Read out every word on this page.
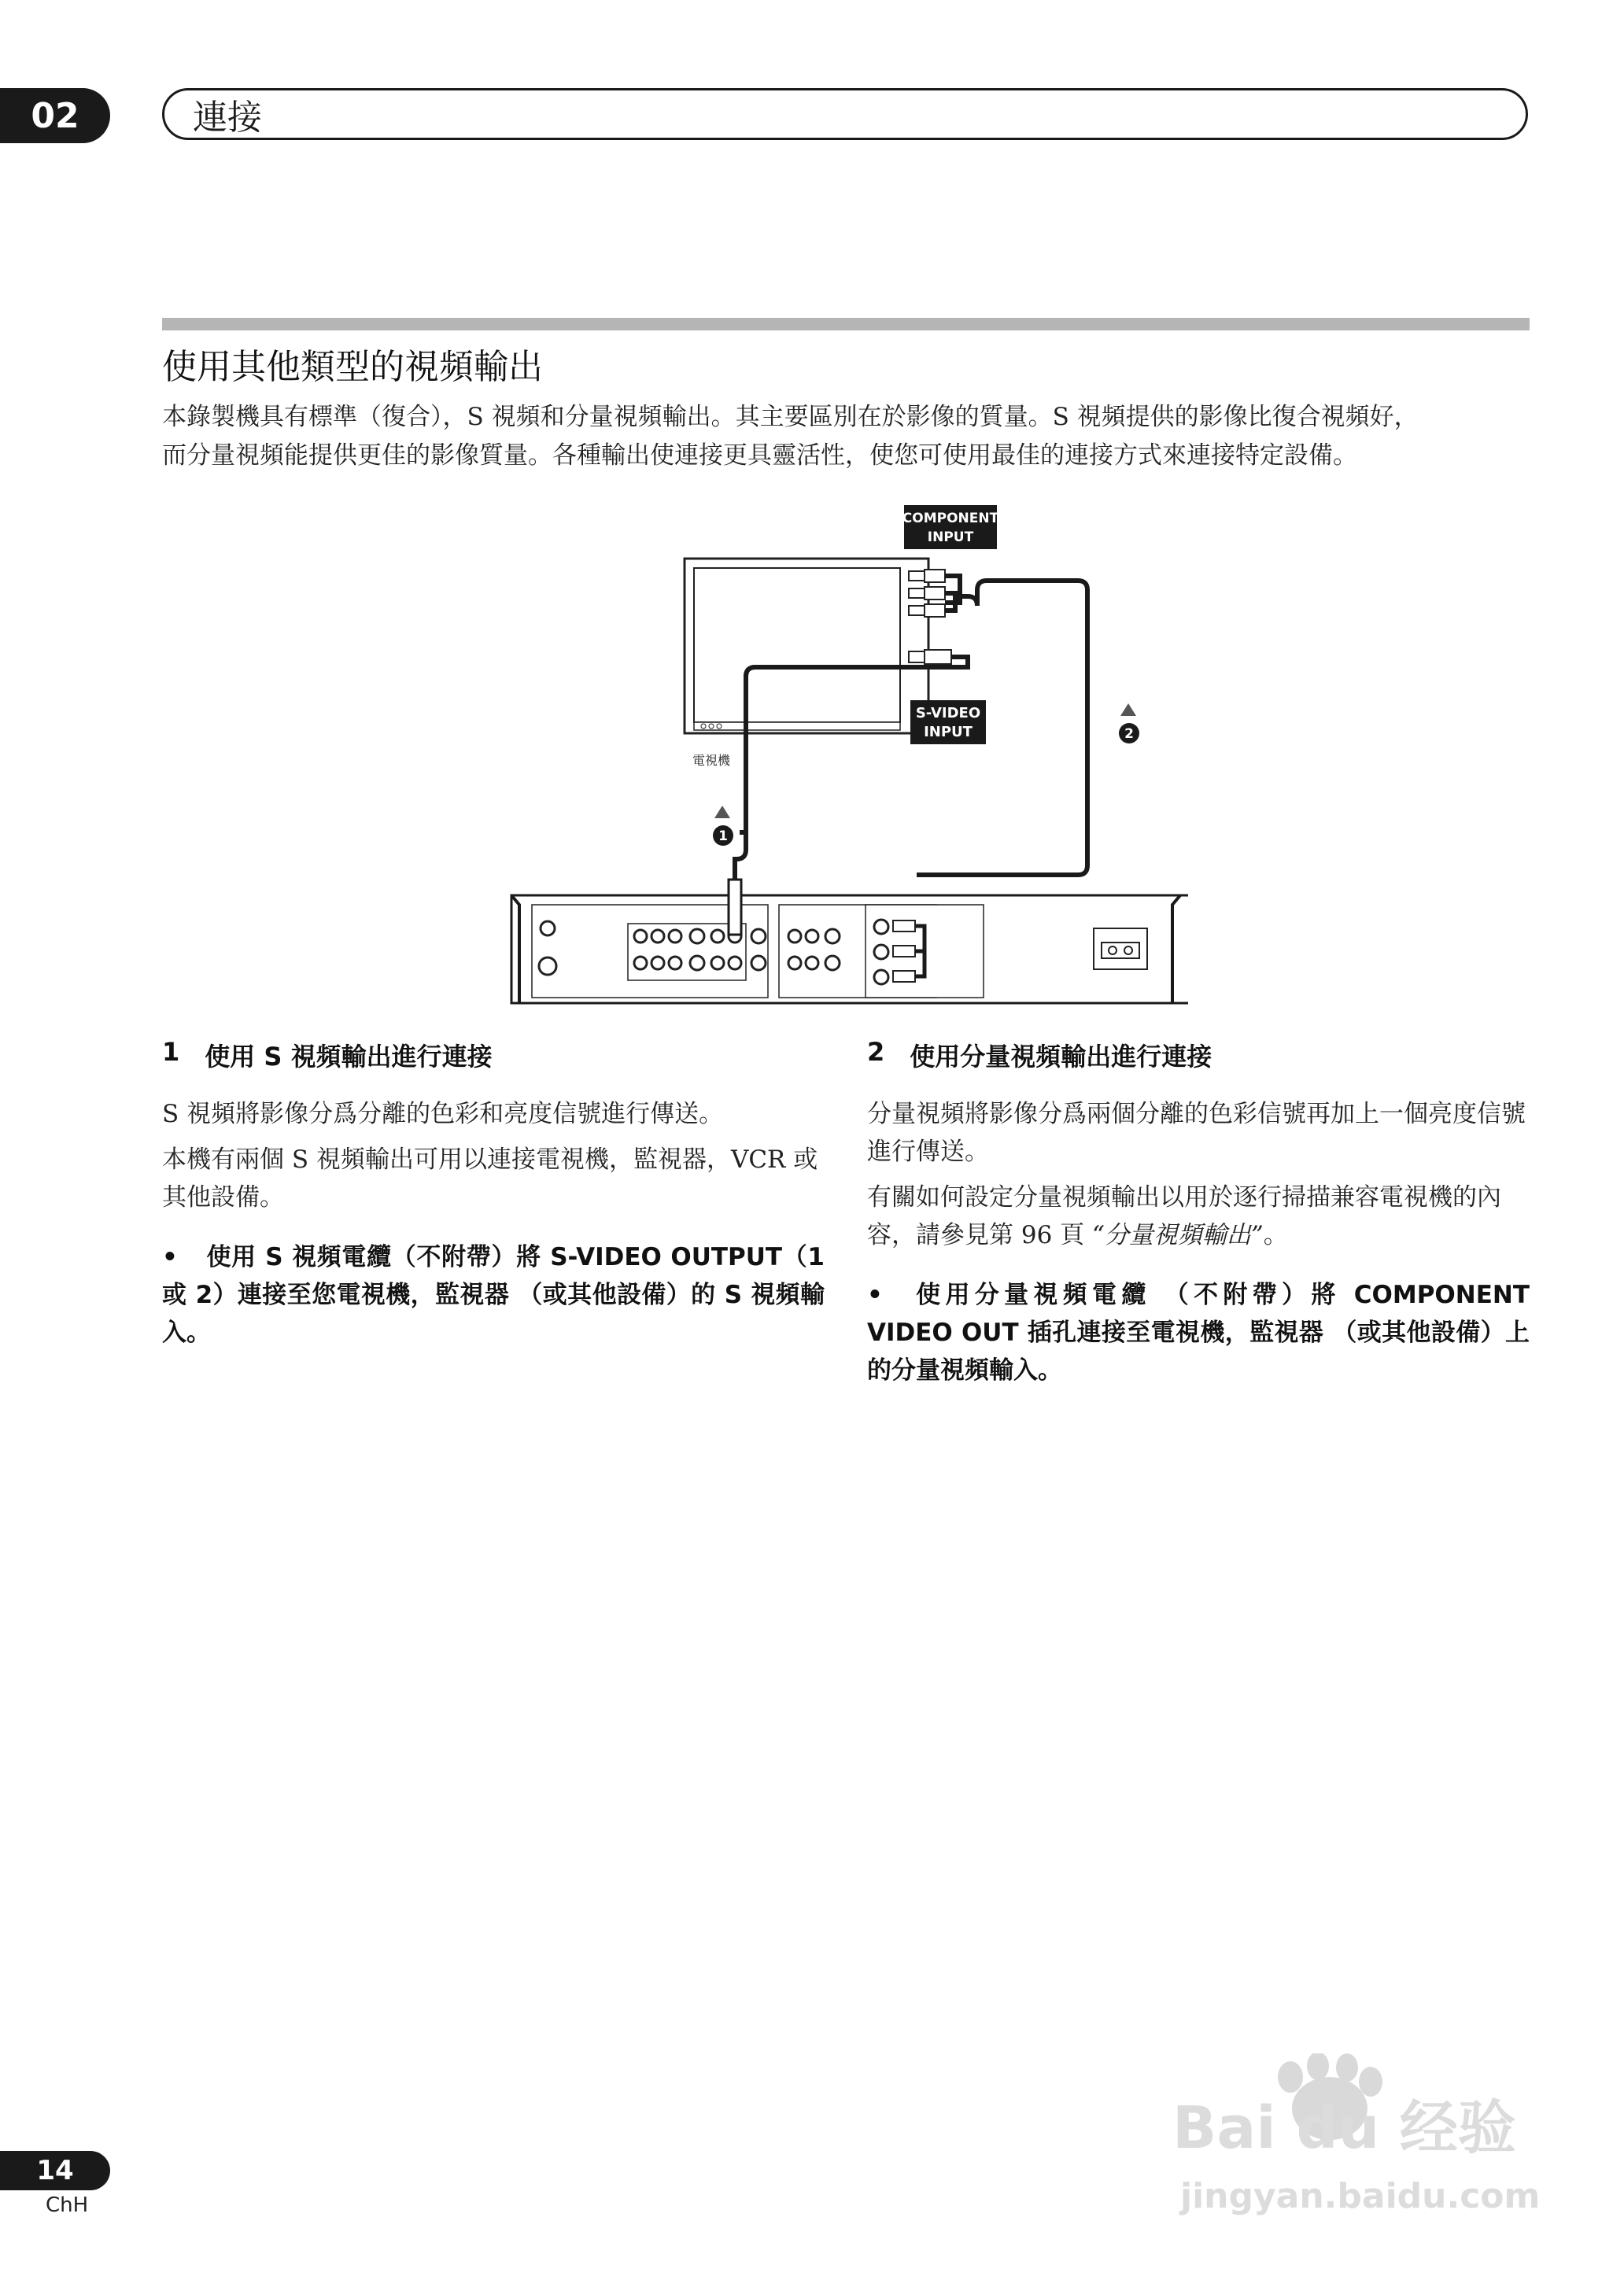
02	連接
使用其他類型的視頻輸出

本錄製機具有標準（復合），S 視頻和分量視頻輸出。其主要區別在於影像的質量。S 視頻提供的影像比復合視頻好，

而分量視頻能提供更佳的影像質量。各種輸出使連接更具靈活性，使您可使用最佳的連接方式來連接特定設備。

電視機
COMPONENT
INPUT
S-VIDEO
INPUT
1
2
1 使用 S 視頻輸出進行連接

S 視頻將影像分爲分離的色彩和亮度信號進行傳送。

本機有兩個 S 視頻輸出可用以連接電視機，監視器，VCR 或其他設備。

• 使用 S 視頻電纜（不附帶）將 S-VIDEO OUTPUT（1 或 2）連接至您電視機，監視器 （或其他設備）的 S 視頻輸入。

2 使用分量視頻輸出進行連接

分量視頻將影像分爲兩個分離的色彩信號再加上一個亮度信號進行傳送。

有關如何設定分量視頻輸出以用於逐行掃描兼容電視機的內容，請參見第 96 頁 “分量視頻輸出”。

• 使用分量視頻電纜 （不附帶）將 COMPONENT VIDEO OUT 插孔連接至電視機，監視器 （或其他設備）上的分量視頻輸入。

14
ChH
Bai du 经验
jingyan.baidu.com
